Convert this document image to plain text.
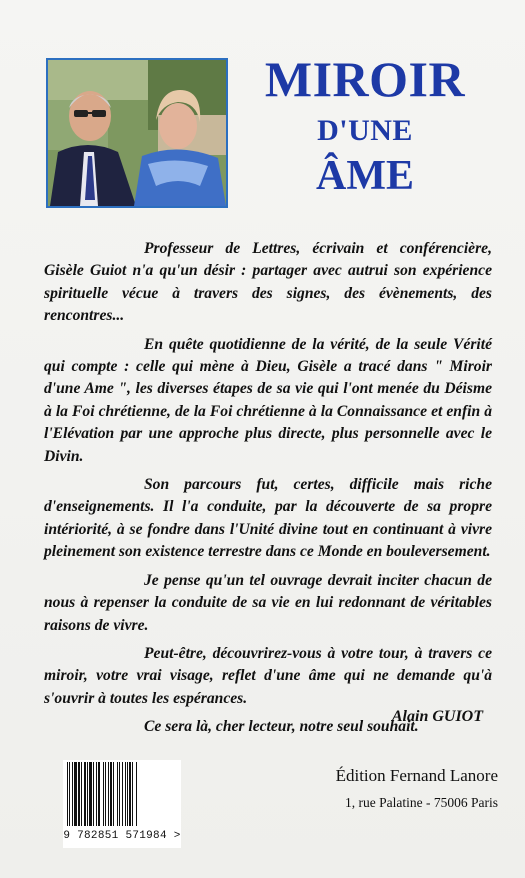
MIROIR
D'UNE
ÂME

Professeur de Lettres, écrivain et conférencière, Gisèle Guiot n'a qu'un désir : partager avec autrui son expérience spirituelle vécue à travers des signes, des évènements, des rencontres...

En quête quotidienne de la vérité, de la seule Vérité qui compte : celle qui mène à Dieu, Gisèle a tracé dans " Miroir d'une Ame ", les diverses étapes de sa vie qui l'ont menée du Déisme à la Foi chrétienne, de la Foi chrétienne à la Connaissance et enfin à l'Elévation par une approche plus directe, plus personnelle avec le Divin.

Son parcours fut, certes, difficile mais riche d'enseignements. Il l'a conduite, par la découverte de sa propre intériorité, à se fondre dans l'Unité divine tout en continuant à vivre pleinement son existence terrestre dans ce Monde en bouleversement.

Je pense qu'un tel ouvrage devrait inciter chacun de nous à repenser la conduite de sa vie en lui redonnant de véritables raisons de vivre.

Peut-être, découvrirez-vous à votre tour, à travers ce miroir, votre vrai visage, reflet d'une âme qui ne demande qu'à s'ouvrir à toutes les espérances.

Ce sera là, cher lecteur, notre seul souhait.

Alain GUIOT
9 782851 571984 >
Édition Fernand Lanore
1, rue Palatine - 75006 Paris
